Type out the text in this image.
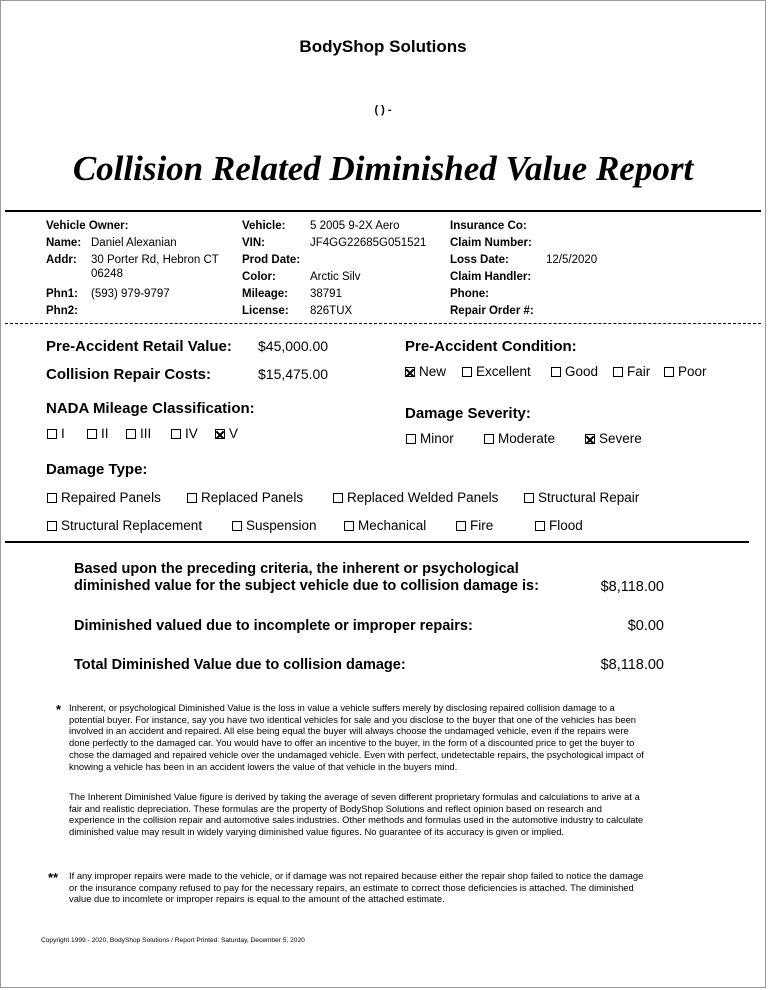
BodyShop Solutions
( ) -
Collision Related Diminished Value Report
Vehicle Owner:
Name: Daniel Alexanian
Addr: 30 Porter Rd, Hebron CT
06248
Phn1: (593) 979-9797
Phn2:
Vehicle: 5 2005 9-2X Aero
VIN:	JF4GG22685G051521
Prod Date:
Color:	Arctic Silv
Mileage: 38791
License: 826TUX
Insurance Co:
Claim Number:
Loss Date:	12/5/2020
Claim Handler:
Phone:
Repair Order #:
Pre-Accident Retail Value: $45,000.00
Collision Repair Costs:	$15,475.00
Pre-Accident Condition:
New Excellent	Good Fair Poor
NADA Mileage Classification:
I	II III IV V
Damage Severity:
Minor	Moderate	Severe
Damage Type:
Repaired Panels	Replaced Panels	Replaced Welded Panels	Structural Repair
Structural Replacement	Suspension	Mechanical	Fire	Flood
Based upon the preceding criteria, the inherent or psychological
diminished value for the subject vehicle due to collision damage is:	$8,118.00
Diminished valued due to incomplete or improper repairs:	$0.00
Total Diminished Value due to collision damage:	$8,118.00
* Inherent, or psychological Diminished Value is the loss in value a vehicle suffers merely by disclosing repaired collision damage to a potential buyer. For instance, say you have two identical vehicles for sale and you disclose to the buyer that one of the vehicles has been involved in an accident and repaired. All else being equal the buyer will always choose the undamaged vehicle, even if the repairs were done perfectly to the damaged car. You would have to offer an incentive to the buyer, in the form of a discounted price to get the buyer to chose the damaged and repaired vehicle over the undamaged vehicle. Even with perfect, undetectable repairs, the psychological impact of knowing a vehicle has been in an accident lowers the value of that vehicle in the buyers mind.
The Inherent Diminished Value figure is derived by taking the average of seven different proprietary formulas and calculations to arive at a fair and realistic depreciation. These formulas are the property of BodyShop Solutions and reflect opinion based on research and experience in the collision repair and automotive sales industries. Other methods and formulas used in the automotive industry to calculate diminished value may result in widely varying diminished value figures. No guarantee of its accuracy is given or implied.
** If any improper repairs were made to the vehicle, or if damage was not repaired because either the repair shop failed to notice the damage or the insurance company refused to pay for the necessary repairs, an estimate to correct those deficiencies is attached. The diminished value due to incomlete or improper repairs is equal to the amount of the attached estimate.
Copyright 1999 - 2020, BodyShop Solutions / Report Printed: Saturday, December 5, 2020
